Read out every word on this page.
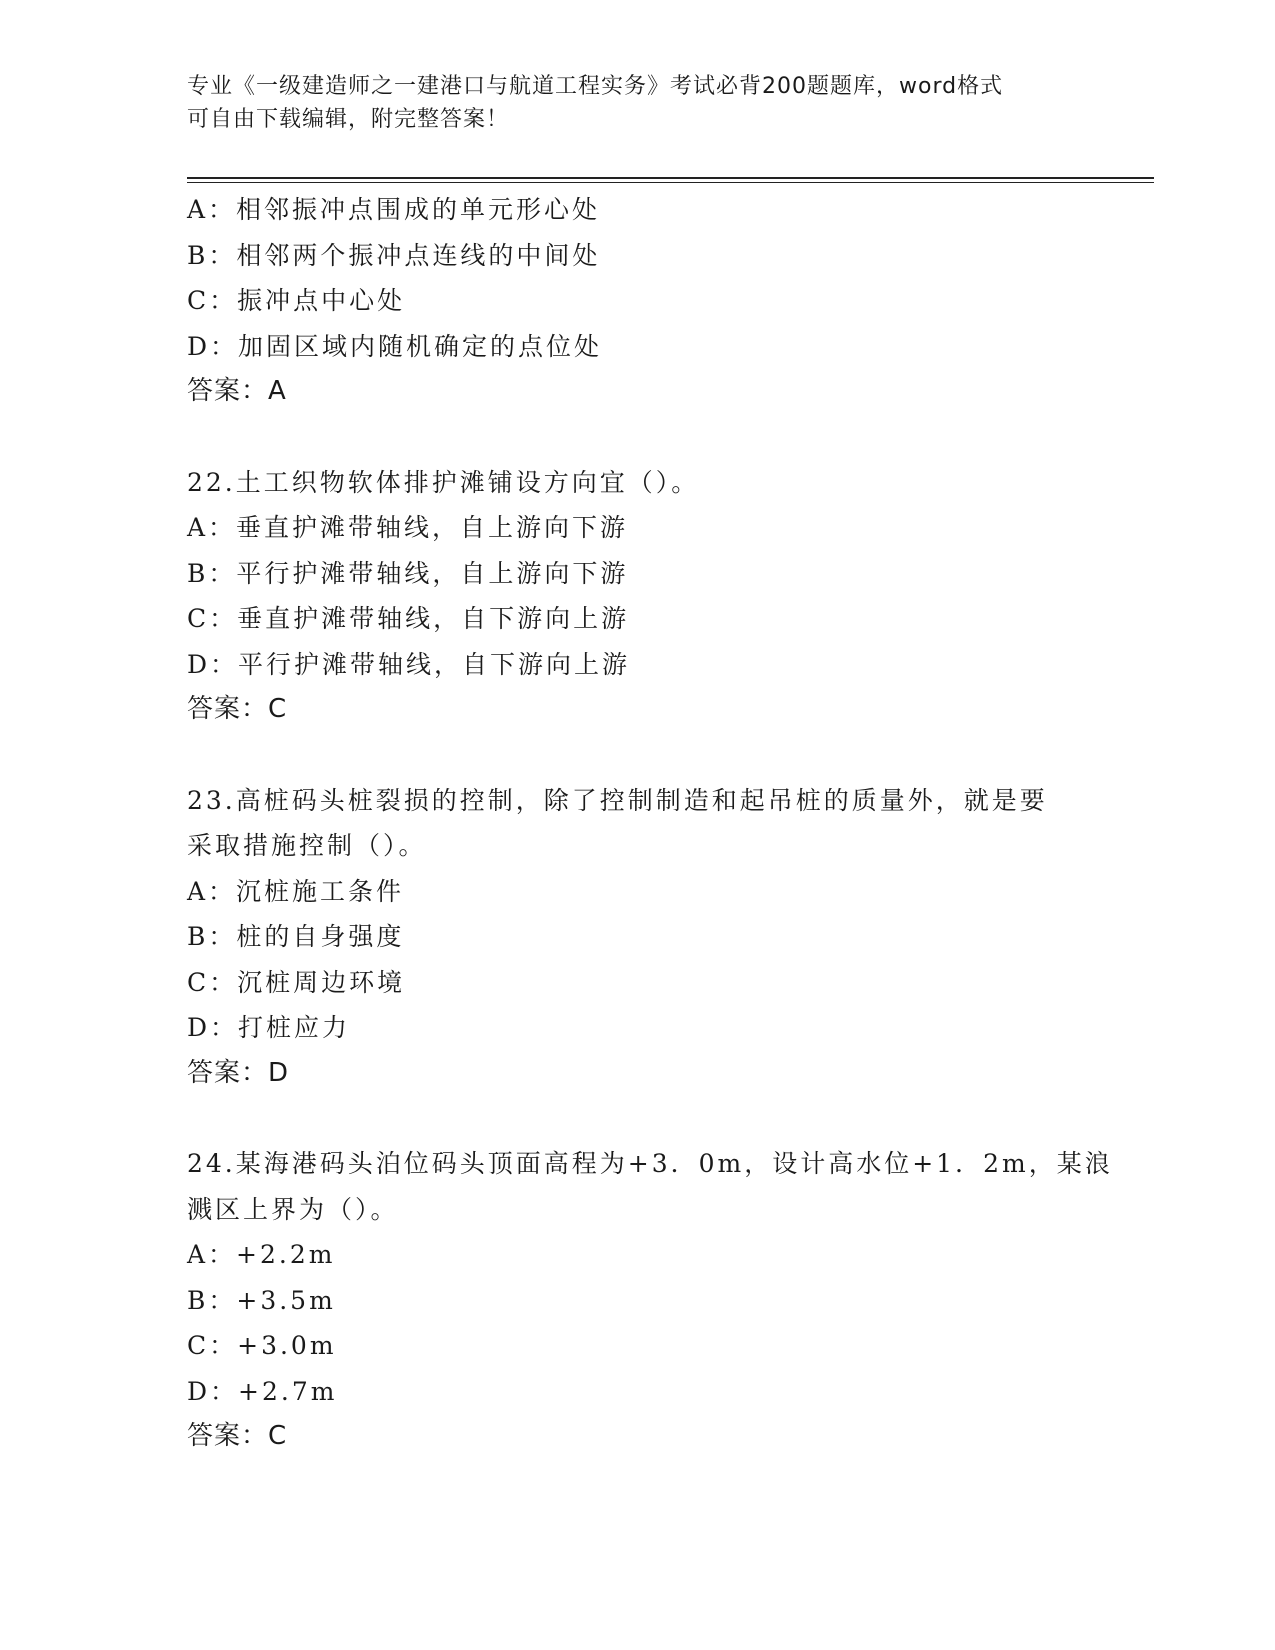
专业《一级建造师之一建港口与航道工程实务》考试必背200题题库，word格式
可自由下载编辑，附完整答案！
A：相邻振冲点围成的单元形心处
B：相邻两个振冲点连线的中间处
C：振冲点中心处
D：加固区域内随机确定的点位处
答案：A
22.土工织物软体排护滩铺设方向宜（）。
A：垂直护滩带轴线，自上游向下游
B：平行护滩带轴线，自上游向下游
C：垂直护滩带轴线，自下游向上游
D：平行护滩带轴线，自下游向上游
答案：C
23.高桩码头桩裂损的控制，除了控制制造和起吊桩的质量外，就是要
采取措施控制（）。
A：沉桩施工条件
B：桩的自身强度
C：沉桩周边环境
D：打桩应力
答案：D
24.某海港码头泊位码头顶面高程为+3．0m，设计高水位+1．2m，某浪
溅区上界为（）。
A：+2.2m
B：+3.5m
C：+3.0m
D：+2.7m
答案：C
